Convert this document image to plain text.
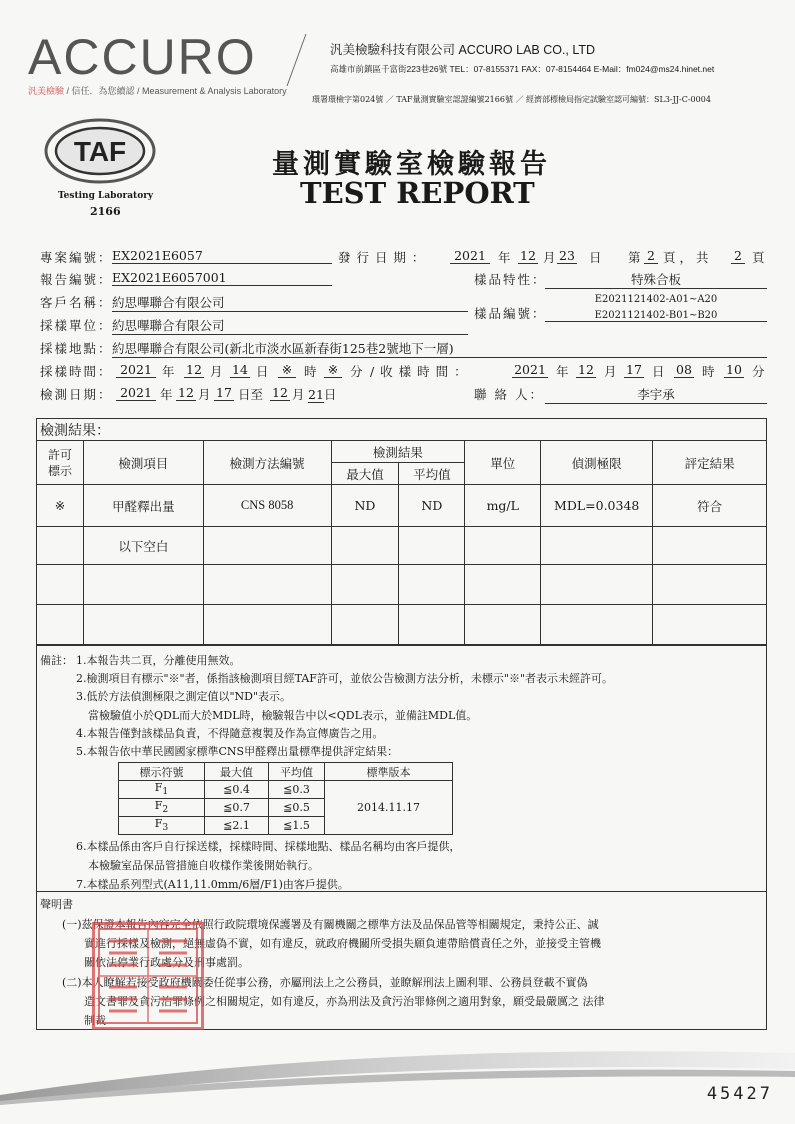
ACCURO
汎美檢驗 / 信任．為您續認 / Measurement & Analysis Laboratory
汎美檢驗科技有限公司 ACCURO LAB CO., LTD
高雄市前鎮區千富街223巷26號 TEL：07-8155371 FAX：07-8154464 E-Mail：fm024@ms24.hinet.net
環署環檢字第024號 ／ TAF量測實驗室認證編號2166號 ／ 經濟部標檢局指定試驗室認可編號：SL3-JJ-C-0004
TAF
Testing Laboratory
2166
量測實驗室檢驗報告
TEST REPORT
專案編號： EX2021E6057	發 行 日 期 ：	2021 年 12 月 23 日 第 2 頁 ， 共 2 頁
報告編號： EX2021E6057001	樣品特性：	特殊合板
客戶名稱： 約思嗶聯合有限公司
樣品編號：
E2021121402-A01~A20
E2021121402-B01~B20
採樣單位： 約思嗶聯合有限公司
採樣地點： 約思嗶聯合有限公司(新北市淡水區新春街125巷2號地下一層)
採樣時間： 2021 年 12 月 14 日	※ 時 ※ 分 / 收 樣 時 間 ：	2021 年 12 月 17 日 08 時 10 分
檢測日期： 2021 年 12 月 17 日至 12 月 21日	聯 絡 人：	李宇承
檢測結果：
許可標示	檢測項目	檢測方法編號	檢測結果		單位	偵測極限	評定結果
			最大值	平均值			
※	甲醛釋出量	CNS 8058	ND	ND	mg/L	MDL=0.0348	符合
	以下空白						

備註： 1.本報告共二頁，分離使用無效。
2.檢測項目有標示"※"者，係指該檢測項目經TAF許可，並依公告檢測方法分析，未標示"※"者表示未經許可。
3.低於方法偵測極限之測定值以"ND"表示。
當檢驗值小於QDL而大於MDL時，檢驗報告中以<QDL表示，並備註MDL值。
4.本報告僅對該樣品負責，不得隨意複製及作為宣傳廣告之用。
5.本報告依中華民國國家標準CNS甲醛釋出量標準提供評定結果：
標示符號	最大值	平均值	標準版本
$F_1$	≦0.4	≦0.3	2014.11.17
$F_2$	≦0.7	≦0.5	
$F_3$	≦2.1	≦1.5	
6.本樣品係由客戶自行採送樣，採樣時間、採樣地點、樣品名稱均由客戶提供，
本檢驗室品保品管措施自收樣作業後開始執行。
7.本樣品系列型式(A11,11.0mm/6層/F1)由客戶提供。
聲明書
(一)茲保證本報告內容完全依照行政院環境保護署及有關機關之標準方法及品保品管等相關規定，秉持公正、誠
實進行採樣及檢測，絕無虛偽不實，如有違反，就政府機關所受損失願負連帶賠償責任之外，並接受主管機
關依法停業行政處分及刑事處罰。
(二)本人瞭解若接受政府機關委任從事公務，亦屬刑法上之公務員，並瞭解刑法上圖利罪、公務員登載不實偽
造文書罪及貪污治罪條例之相關規定，如有違反，亦為刑法及貪污治罪條例之適用對象，願受最嚴厲之 法律
制裁
45427
